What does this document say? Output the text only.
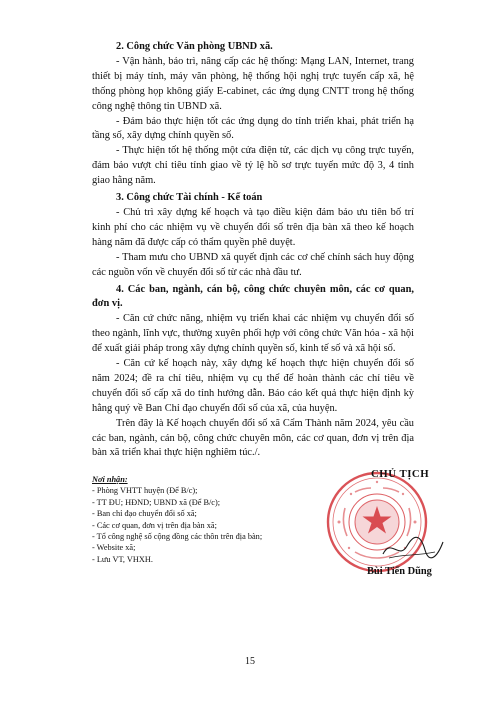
2. Công chức Văn phòng UBND xã.

- Vận hành, bảo trì, nâng cấp các hệ thống: Mạng LAN, Internet, trang thiết bị máy tính, máy văn phòng, hệ thống hội nghị trực tuyến cấp xã, hệ thống phòng họp không giấy E-cabinet, các ứng dụng CNTT trong hệ thống công nghệ thông tin UBND xã.

- Đảm bảo thực hiện tốt các ứng dụng do tỉnh triển khai, phát triển hạ tầng số, xây dựng chính quyền số.

- Thực hiện tốt hệ thống một cửa điện tử, các dịch vụ công trực tuyến, đảm bảo vượt chỉ tiêu tỉnh giao về tỷ lệ hồ sơ trực tuyến mức độ 3, 4 tỉnh giao hằng năm.

3. Công chức Tài chính - Kế toán

- Chủ trì xây dựng kế hoạch và tạo điều kiện đảm bảo ưu tiên bố trí kinh phí cho các nhiệm vụ về chuyển đổi số trên địa bàn xã theo kế hoạch hàng năm đã được cấp có thẩm quyền phê duyệt.

- Tham mưu cho UBND xã quyết định các cơ chế chính sách huy động các nguồn vốn về chuyển đổi số từ các nhà đầu tư.

4. Các ban, ngành, cán bộ, công chức chuyên môn, các cơ quan, đơn vị.

- Căn cứ chức năng, nhiệm vụ triển khai các nhiệm vụ chuyển đổi số theo ngành, lĩnh vực, thường xuyên phối hợp với công chức Văn hóa - xã hội để xuất giải pháp trong xây dựng chính quyền số, kinh tế số và xã hội số.

- Căn cứ kế hoạch này, xây dựng kế hoạch thực hiện chuyển đổi số năm 2024; đề ra chỉ tiêu, nhiệm vụ cụ thể để hoàn thành các chỉ tiêu về chuyển đổi số cấp xã do tỉnh hướng dẫn. Báo cáo kết quả thực hiện định kỳ hằng quý về Ban Chỉ đạo chuyển đổi số của xã, của huyện.

Trên đây là Kế hoạch chuyển đổi số xã Cẩm Thành năm 2024, yêu cầu các ban, ngành, cán bộ, công chức chuyên môn, các cơ quan, đơn vị trên địa bàn xã triển khai thực hiện nghiêm túc./.

Nơi nhận:
- Phòng VHTT huyện (Để B/c);
- TT ĐU; HĐND; UBND xã (Để B/c);
- Ban chỉ đạo chuyển đổi số xã;
- Các cơ quan, đơn vị trên địa bàn xã;
- Tổ công nghệ số cộng đồng các thôn trên địa bàn;
- Website xã;
- Lưu VT, VHXH.
CHỦ TỊCH
Bùi Tiến Dũng
15
